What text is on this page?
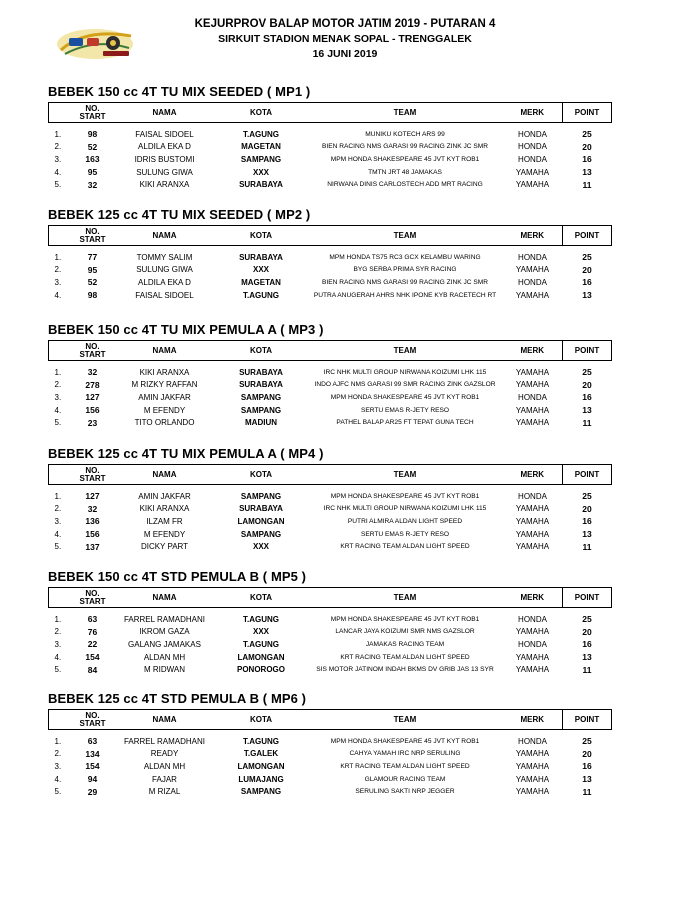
KEJURPROV BALAP MOTOR JATIM 2019 - PUTARAN 4
SIRKUIT STADION MENAK SOPAL - TRENGGALEK
16 JUNI 2019
BEBEK 150 cc 4T TU MIX SEEDED ( MP1 )

	NO.
START	NAMA	KOTA	TEAM	MERK	POINT

1.	98	FAISAL SIDOEL	T.AGUNG	MUNIKU KOTECH ARS 99	HONDA	25
2.	52	ALDILA EKA D	MAGETAN	BIEN RACING NMS GARASI 99 RACING ZINK JC SMR	HONDA	20
3.	163	IDRIS BUSTOMI	SAMPANG	MPM HONDA SHAKESPEARE 45 JVT KYT ROB1	HONDA	16
4.	95	SULUNG GIWA	XXX	TMTN JRT 48 JAMAKAS	YAMAHA	13
5.	32	KIKI ARANXA	SURABAYA	NIRWANA DINIS CARLOSTECH ADD MRT RACING	YAMAHA	11
BEBEK 125 cc 4T TU MIX SEEDED ( MP2 )

	NO.
START	NAMA	KOTA	TEAM	MERK	POINT

1.	77	TOMMY SALIM	SURABAYA	MPM HONDA TS75 RC3 GCX KELAMBU WARING	HONDA	25
2.	95	SULUNG GIWA	XXX	BYG SERBA PRIMA SYR RACING	YAMAHA	20
3.	52	ALDILA EKA D	MAGETAN	BIEN RACING NMS GARASI 99 RACING ZINK JC SMR	HONDA	16
4.	98	FAISAL SIDOEL	T.AGUNG	PUTRA ANUGERAH AHRS NHK IPONE KYB RACETECH RT	YAMAHA	13
BEBEK 150 cc 4T TU MIX PEMULA A ( MP3 )

	NO.
START	NAMA	KOTA	TEAM	MERK	POINT

1.	32	KIKI ARANXA	SURABAYA	IRC NHK MULTI GROUP NIRWANA KOIZUMI LHK 115	YAMAHA	25
2.	278	M RIZKY RAFFAN	SURABAYA	INDO AJFC NMS GARASI 99 SMR RACING ZINK GAZSLOR	YAMAHA	20
3.	127	AMIN JAKFAR	SAMPANG	MPM HONDA SHAKESPEARE 45 JVT KYT ROB1	HONDA	16
4.	156	M EFENDY	SAMPANG	SERTU EMAS R-JETY RESO	YAMAHA	13
5.	23	TITO ORLANDO	MADIUN	PATHEL BALAP AR25 FT TEPAT GUNA TECH	YAMAHA	11
BEBEK 125 cc 4T TU MIX PEMULA A ( MP4 )

	NO.
START	NAMA	KOTA	TEAM	MERK	POINT

1.	127	AMIN JAKFAR	SAMPANG	MPM HONDA SHAKESPEARE 45 JVT KYT ROB1	HONDA	25
2.	32	KIKI ARANXA	SURABAYA	IRC NHK MULTI GROUP NIRWANA KOIZUMI LHK 115	YAMAHA	20
3.	136	ILZAM FR	LAMONGAN	PUTRI ALMIRA ALDAN LIGHT SPEED	YAMAHA	16
4.	156	M EFENDY	SAMPANG	SERTU EMAS R-JETY RESO	YAMAHA	13
5.	137	DICKY PART	XXX	KRT RACING TEAM ALDAN LIGHT SPEED	YAMAHA	11
BEBEK 150 cc 4T STD PEMULA B ( MP5 )

	NO.
START	NAMA	KOTA	TEAM	MERK	POINT

1.	63	FARREL RAMADHANI	T.AGUNG	MPM HONDA SHAKESPEARE 45 JVT KYT ROB1	HONDA	25
2.	76	IKROM GAZA	XXX	LANCAR JAYA KOIZUMI SMR NMS GAZSLOR	YAMAHA	20
3.	22	GALANG JAMAKAS	T.AGUNG	JAMAKAS RACING TEAM	HONDA	16
4.	154	ALDAN MH	LAMONGAN	KRT RACING TEAM ALDAN LIGHT SPEED	YAMAHA	13
5.	84	M RIDWAN	PONOROGO	SIS MOTOR JATINOM INDAH BKMS DV GRIB JAS 13 SYR	YAMAHA	11
BEBEK 125 cc 4T STD PEMULA B ( MP6 )

	NO.
START	NAMA	KOTA	TEAM	MERK	POINT

1.	63	FARREL RAMADHANI	T.AGUNG	MPM HONDA SHAKESPEARE 45 JVT KYT ROB1	HONDA	25
2.	134	READY	T.GALEK	CAHYA YAMAH IRC NRP SERULING	YAMAHA	20
3.	154	ALDAN MH	LAMONGAN	KRT RACING TEAM ALDAN LIGHT SPEED	YAMAHA	16
4.	94	FAJAR	LUMAJANG	GLAMOUR RACING TEAM	YAMAHA	13
5.	29	M RIZAL	SAMPANG	SERULING SAKTI NRP JEGGER	YAMAHA	11
